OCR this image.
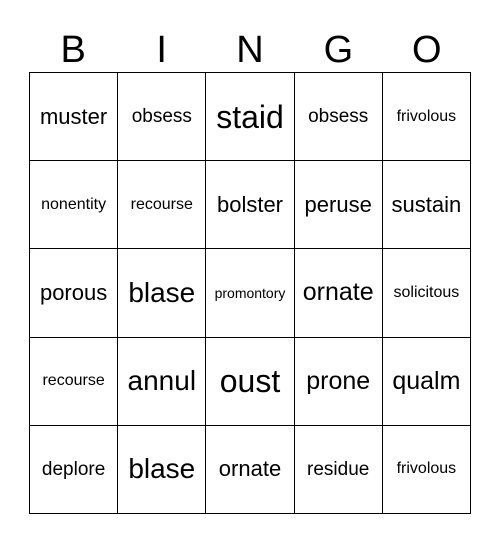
B	I	N	G	O
muster obsess staid obsess frivolous
nonentity recourse bolster peruse sustain
porous blase promontory ornate solicitous
recourse annul oust prone qualm
deplore blase ornate residue frivolous
